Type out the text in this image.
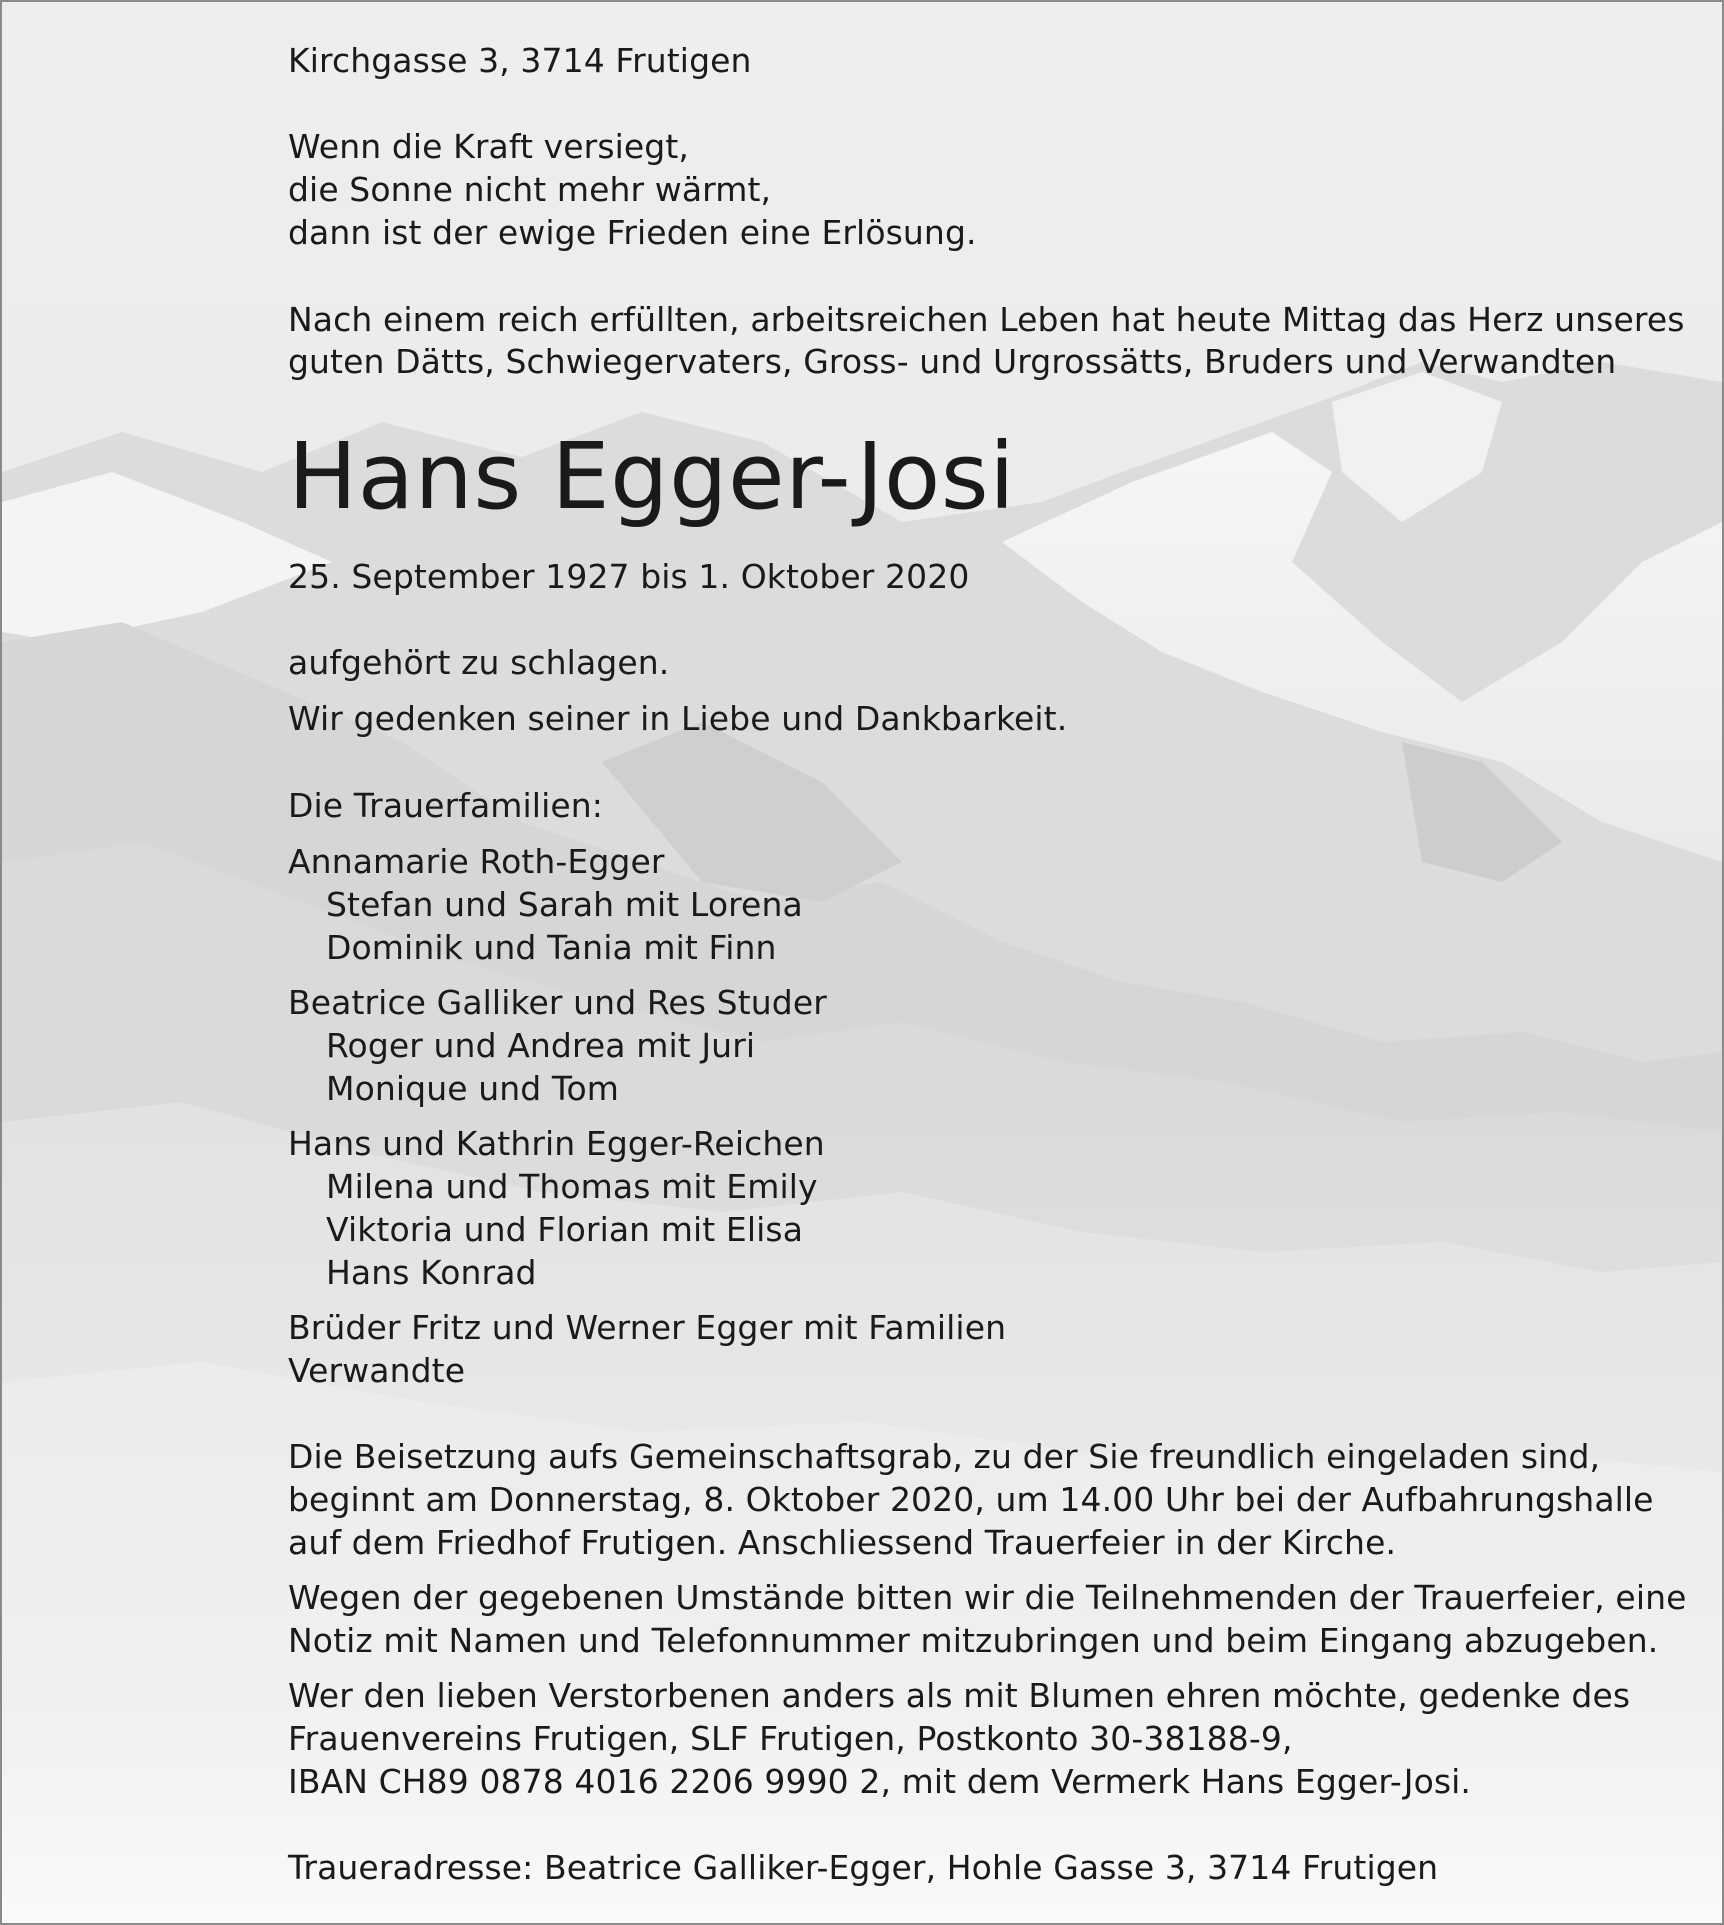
Kirchgasse 3, 3714 Frutigen
Wenn die Kraft versiegt,
die Sonne nicht mehr wärmt,
dann ist der ewige Frieden eine Erlösung.
Nach einem reich erfüllten, arbeitsreichen Leben hat heute Mittag das Herz unseres
guten Dätts, Schwiegervaters, Gross- und Urgrossätts, Bruders und Verwandten
Hans Egger-Josi
25. September 1927 bis 1. Oktober 2020
aufgehört zu schlagen.
Wir gedenken seiner in Liebe und Dankbarkeit.
Die Trauerfamilien:
Annamarie Roth-Egger
Stefan und Sarah mit Lorena
Dominik und Tania mit Finn
Beatrice Galliker und Res Studer
Roger und Andrea mit Juri
Monique und Tom
Hans und Kathrin Egger-Reichen
Milena und Thomas mit Emily
Viktoria und Florian mit Elisa
Hans Konrad
Brüder Fritz und Werner Egger mit Familien
Verwandte
Die Beisetzung aufs Gemeinschaftsgrab, zu der Sie freundlich eingeladen sind,
beginnt am Donnerstag, 8. Oktober 2020, um 14.00 Uhr bei der Aufbahrungshalle
auf dem Friedhof Frutigen. Anschliessend Trauerfeier in der Kirche.
Wegen der gegebenen Umstände bitten wir die Teilnehmenden der Trauerfeier, eine
Notiz mit Namen und Telefonnummer mitzubringen und beim Eingang abzugeben.
Wer den lieben Verstorbenen anders als mit Blumen ehren möchte, gedenke des
Frauenvereins Frutigen, SLF Frutigen, Postkonto 30-38188-9,
IBAN CH89 0878 4016 2206 9990 2, mit dem Vermerk Hans Egger-Josi.
Traueradresse: Beatrice Galliker-Egger, Hohle Gasse 3, 3714 Frutigen
